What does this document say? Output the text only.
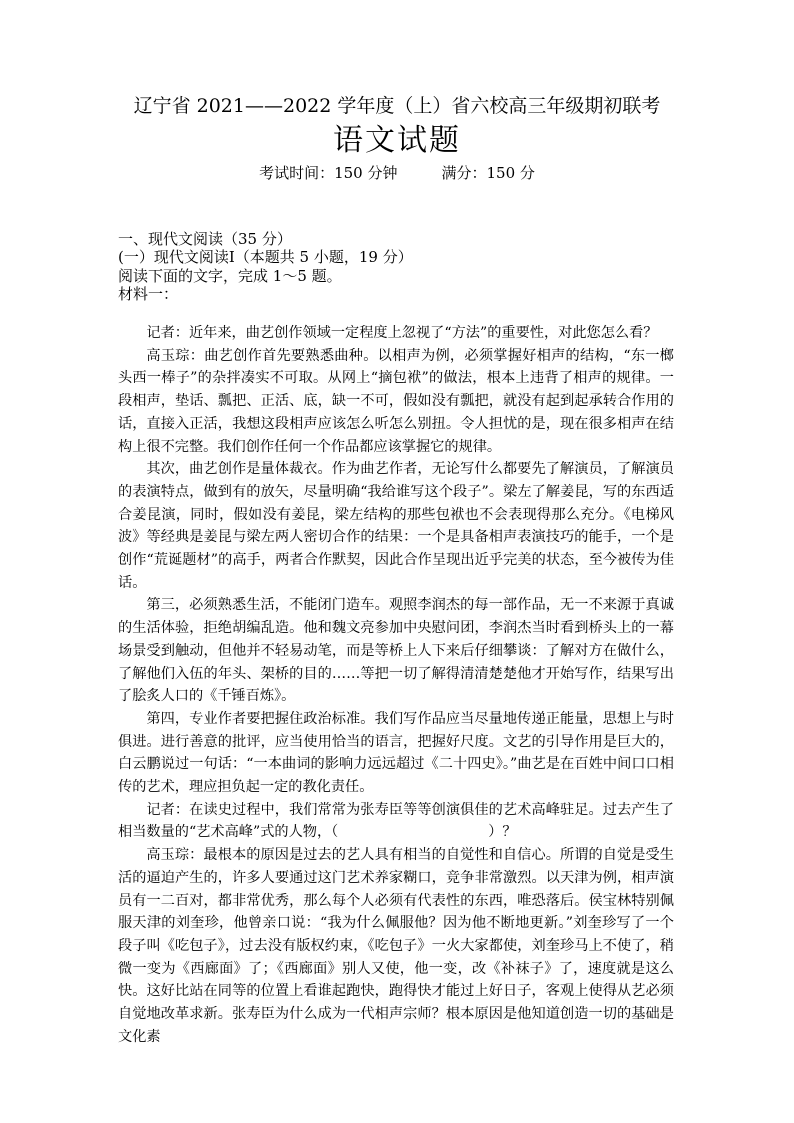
辽宁省 2021——2022 学年度（上）省六校高三年级期初联考
语文试题
考试时间：150 分钟	满分：150 分
一、现代文阅读（35 分）
(一）现代文阅读Ⅰ（本题共 5 小题，19 分）
阅读下面的文字，完成 1～5 题。
材料一：

记者：近年来，曲艺创作领域一定程度上忽视了“方法”的重要性，对此您怎么看？

高玉琮：曲艺创作首先要熟悉曲种。以相声为例，必须掌握好相声的结构，“东一榔头西一棒子”的杂拌凑实不可取。从网上“摘包袱”的做法，根本上违背了相声的规律。一段相声，垫话、瓢把、正活、底，缺一不可，假如没有瓢把，就没有起到起承转合作用的话，直接入正活，我想这段相声应该怎么听怎么别扭。令人担忧的是，现在很多相声在结构上很不完整。我们创作任何一个作品都应该掌握它的规律。

其次，曲艺创作是量体裁衣。作为曲艺作者，无论写什么都要先了解演员，了解演员的表演特点，做到有的放矢，尽量明确“我给谁写这个段子”。梁左了解姜昆，写的东西适合姜昆演，同时，假如没有姜昆，梁左结构的那些包袱也不会表现得那么充分。《电梯风波》等经典是姜昆与梁左两人密切合作的结果：一个是具备相声表演技巧的能手，一个是创作“荒诞题材”的高手，两者合作默契，因此合作呈现出近乎完美的状态，至今被传为佳话。

第三，必须熟悉生活，不能闭门造车。观照李润杰的每一部作品，无一不来源于真诚的生活体验，拒绝胡编乱造。他和魏文亮参加中央慰问团，李润杰当时看到桥头上的一幕场景受到触动，但他并不轻易动笔，而是等桥上人下来后仔细攀谈：了解对方在做什么，了解他们入伍的年头、架桥的目的……等把一切了解得清清楚楚他才开始写作，结果写出了脍炙人口的《千锤百炼》。

第四，专业作者要把握住政治标准。我们写作品应当尽量地传递正能量，思想上与时俱进。进行善意的批评，应当使用恰当的语言，把握好尺度。文艺的引导作用是巨大的，白云鹏说过一句话：“一本曲词的影响力远远超过《二十四史》。”曲艺是在百姓中间口口相传的艺术，理应担负起一定的教化责任。

记者：在读史过程中，我们常常为张寿臣等等创演俱佳的艺术高峰驻足。过去产生了相当数量的“艺术高峰”式的人物，（	）？

高玉琮：最根本的原因是过去的艺人具有相当的自觉性和自信心。所谓的自觉是受生活的逼迫产生的，许多人要通过这门艺术养家糊口，竞争非常激烈。以天津为例，相声演员有一二百对，都非常优秀，那么每个人必须有代表性的东西，唯恐落后。侯宝林特别佩服天津的刘奎珍，他曾亲口说：“我为什么佩服他？因为他不断地更新。”刘奎珍写了一个段子叫《吃包子》，过去没有版权约束，《吃包子》一火大家都使，刘奎珍马上不使了，稍微一变为《西廊面》了；《西廊面》别人又使，他一变，改《补袜子》了，速度就是这么快。这好比站在同等的位置上看谁起跑快，跑得快才能过上好日子，客观上使得从艺必须自觉地改革求新。张寿臣为什么成为一代相声宗师？根本原因是他知道创造一切的基础是文化素
